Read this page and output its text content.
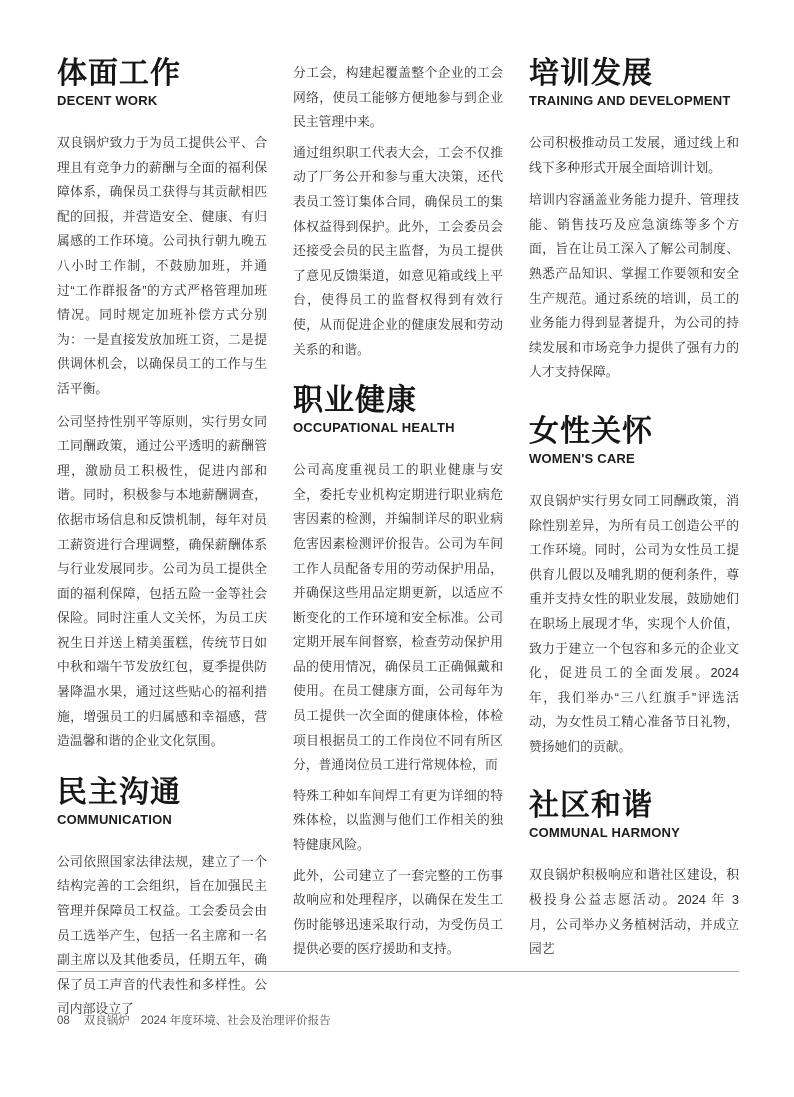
体面工作
DECENT WORK

双良锅炉致力于为员工提供公平、合理且有竞争力的薪酬与全面的福利保障体系，确保员工获得与其贡献相匹配的回报，并营造安全、健康、有归属感的工作环境。公司执行朝九晚五八小时工作制，不鼓励加班，并通过“工作群报备”的方式严格管理加班情况。同时规定加班补偿方式分别为：一是直接发放加班工资，二是提供调休机会，以确保员工的工作与生活平衡。

公司坚持性别平等原则，实行男女同工同酬政策，通过公平透明的薪酬管理，激励员工积极性，促进内部和谐。同时，积极参与本地薪酬调查，依据市场信息和反馈机制，每年对员工薪资进行合理调整，确保薪酬体系与行业发展同步。公司为员工提供全面的福利保障，包括五险一金等社会保险。同时注重人文关怀，为员工庆祝生日并送上精美蛋糕，传统节日如中秋和端午节发放红包，夏季提供防暑降温水果，通过这些贴心的福利措施，增强员工的归属感和幸福感，营造温馨和谐的企业文化氛围。

民主沟通
COMMUNICATION

公司依照国家法律法规，建立了一个结构完善的工会组织，旨在加强民主管理并保障员工权益。工会委员会由员工选举产生，包括一名主席和一名副主席以及其他委员，任期五年，确保了员工声音的代表性和多样性。公司内部设立了

分工会，构建起覆盖整个企业的工会网络，使员工能够方便地参与到企业民主管理中来。

通过组织职工代表大会，工会不仅推动了厂务公开和参与重大决策，还代表员工签订集体合同，确保员工的集体权益得到保护。此外，工会委员会还接受会员的民主监督，为员工提供了意见反馈渠道，如意见箱或线上平台，使得员工的监督权得到有效行使，从而促进企业的健康发展和劳动关系的和谐。

职业健康
OCCUPATIONAL HEALTH

公司高度重视员工的职业健康与安全，委托专业机构定期进行职业病危害因素的检测，并编制详尽的职业病危害因素检测评价报告。公司为车间工作人员配备专用的劳动保护用品，并确保这些用品定期更新，以适应不断变化的工作环境和安全标准。公司定期开展车间督察，检查劳动保护用品的使用情况，确保员工正确佩戴和使用。在员工健康方面，公司每年为员工提供一次全面的健康体检，体检项目根据员工的工作岗位不同有所区分，普通岗位员工进行常规体检，而

特殊工种如车间焊工有更为详细的特殊体检，以监测与他们工作相关的独特健康风险。

此外，公司建立了一套完整的工伤事故响应和处理程序，以确保在发生工伤时能够迅速采取行动，为受伤员工提供必要的医疗援助和支持。

培训发展
TRAINING AND DEVELOPMENT

公司积极推动员工发展，通过线上和线下多种形式开展全面培训计划。

培训内容涵盖业务能力提升、管理技能、销售技巧及应急演练等多个方面，旨在让员工深入了解公司制度、熟悉产品知识、掌握工作要领和安全生产规范。通过系统的培训，员工的业务能力得到显著提升，为公司的持续发展和市场竞争力提供了强有力的人才支持保障。

女性关怀
WOMEN'S CARE

双良锅炉实行男女同工同酬政策，消除性别差异，为所有员工创造公平的工作环境。同时，公司为女性员工提供育儿假以及哺乳期的便利条件，尊重并支持女性的职业发展，鼓励她们在职场上展现才华，实现个人价值，致力于建立一个包容和多元的企业文化，促进员工的全面发展。2024 年，我们举办“三八红旗手”评选活动，为女性员工精心准备节日礼物，赞扬她们的贡献。

社区和谐
COMMUNAL HARMONY

双良锅炉积极响应和谐社区建设，积极投身公益志愿活动。2024 年 3 月，公司举办义务植树活动，并成立园艺

08 双良锅炉 2024 年度环境、社会及治理评价报告
